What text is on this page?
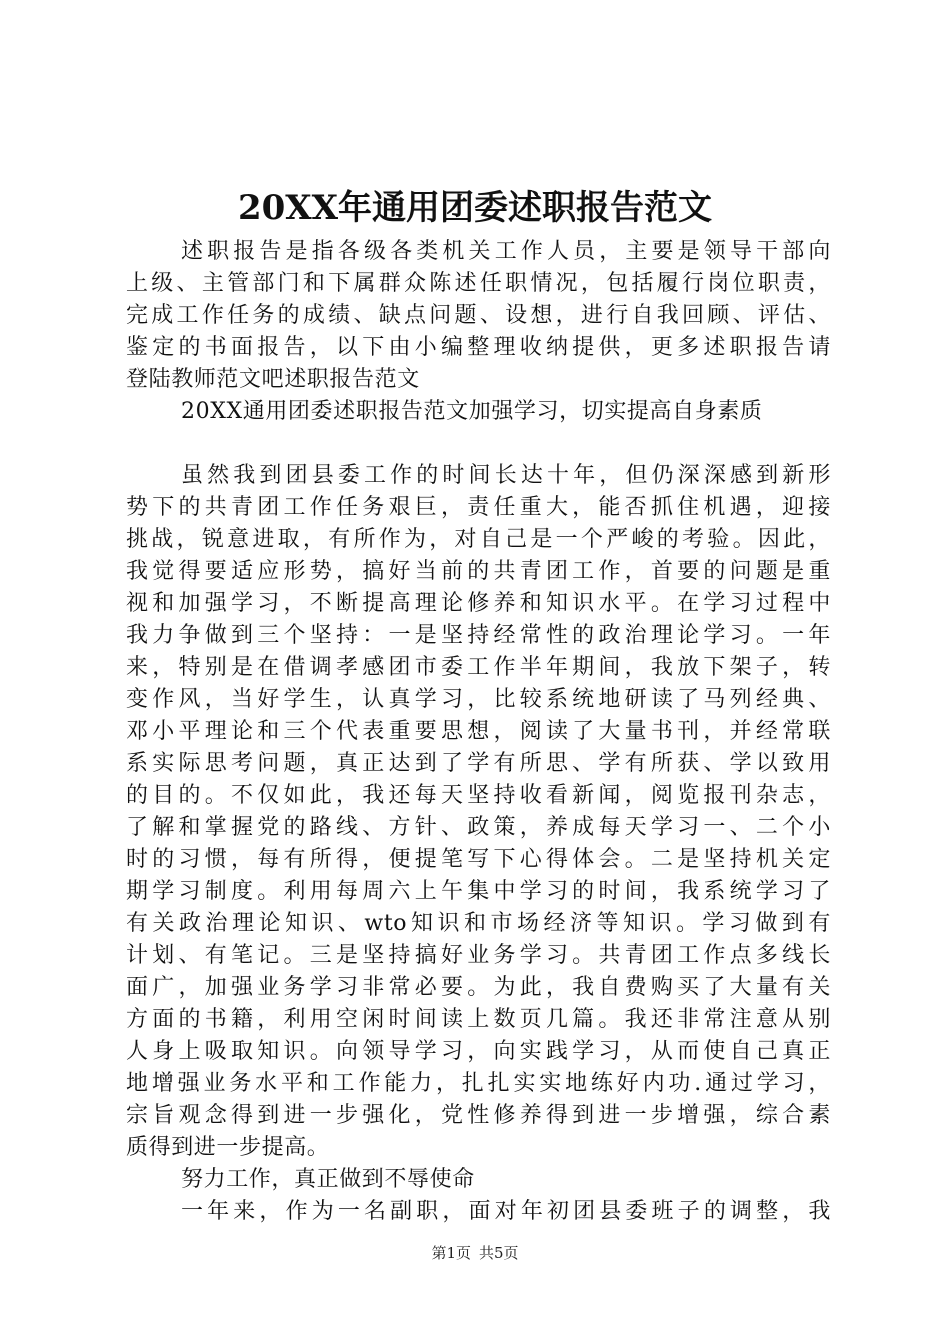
20XX年通用团委述职报告范文
述职报告是指各级各类机关工作人员，主要是领导干部向
上级、主管部门和下属群众陈述任职情况，包括履行岗位职责，
完成工作任务的成绩、缺点问题、设想，进行自我回顾、评估、
鉴定的书面报告，以下由小编整理收纳提供，更多述职报告请
登陆教师范文吧述职报告范文
20XX通用团委述职报告范文加强学习，切实提高自身素质
虽然我到团县委工作的时间长达十年，但仍深深感到新形
势下的共青团工作任务艰巨，责任重大，能否抓住机遇，迎接
挑战，锐意进取，有所作为，对自己是一个严峻的考验。因此，
我觉得要适应形势，搞好当前的共青团工作，首要的问题是重
视和加强学习，不断提高理论修养和知识水平。在学习过程中
我力争做到三个坚持：一是坚持经常性的政治理论学习。一年
来，特别是在借调孝感团市委工作半年期间，我放下架子，转
变作风，当好学生，认真学习，比较系统地研读了马列经典、
邓小平理论和三个代表重要思想，阅读了大量书刊，并经常联
系实际思考问题，真正达到了学有所思、学有所获、学以致用
的目的。不仅如此，我还每天坚持收看新闻，阅览报刊杂志，
了解和掌握党的路线、方针、政策，养成每天学习一、二个小
时的习惯，每有所得，便提笔写下心得体会。二是坚持机关定
期学习制度。利用每周六上午集中学习的时间，我系统学习了
有关政治理论知识、wto知识和市场经济等知识。学习做到有
计划、有笔记。三是坚持搞好业务学习。共青团工作点多线长
面广，加强业务学习非常必要。为此，我自费购买了大量有关
方面的书籍，利用空闲时间读上数页几篇。我还非常注意从别
人身上吸取知识。向领导学习，向实践学习，从而使自己真正
地增强业务水平和工作能力，扎扎实实地练好内功.通过学习，
宗旨观念得到进一步强化，党性修养得到进一步增强，综合素
质得到进一步提高。
努力工作，真正做到不辱使命
一年来，作为一名副职，面对年初团县委班子的调整，我
第1页 共5页
